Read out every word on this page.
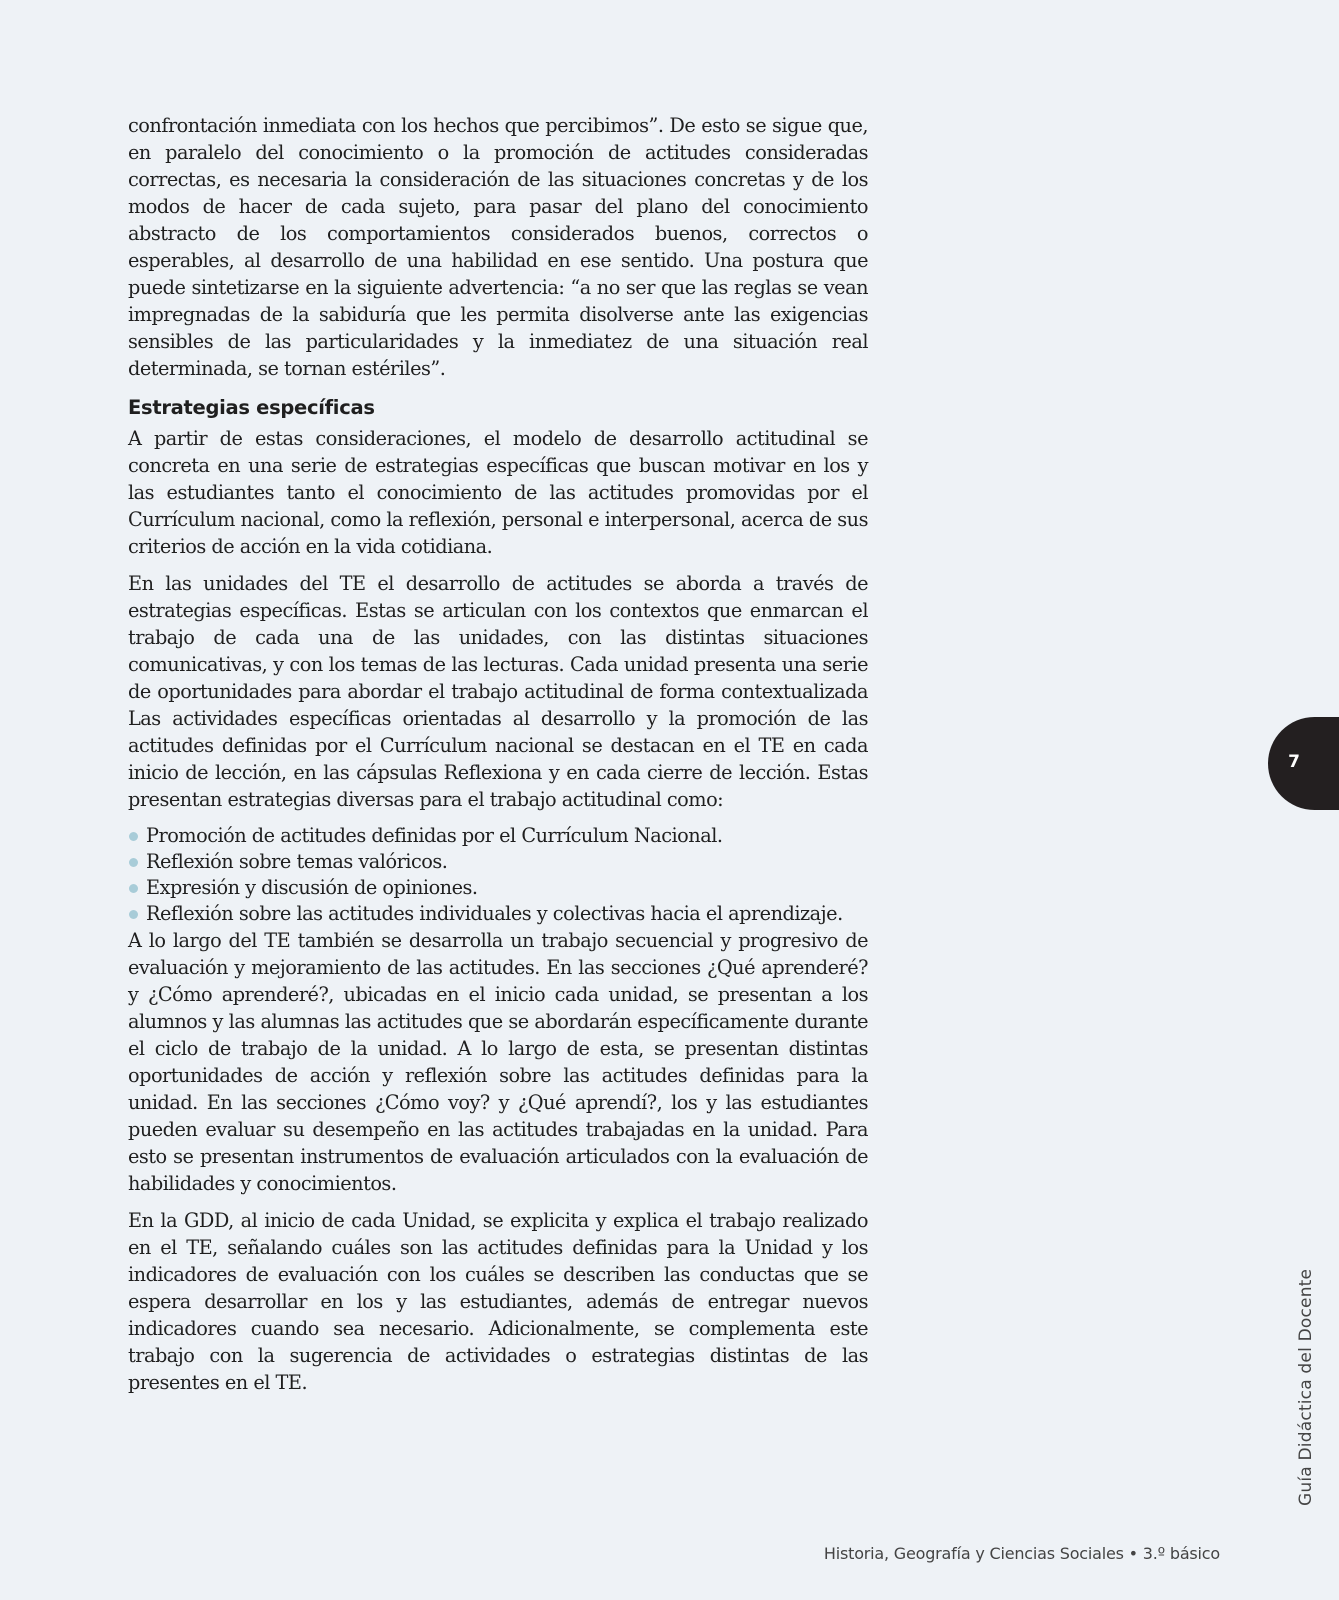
confrontación inmediata con los hechos que percibimos”. De esto se sigue que, en paralelo del conocimiento o la promoción de actitudes consideradas correctas, es necesaria la consideración de las situaciones concretas y de los modos de hacer de cada sujeto, para pasar del plano del conocimiento abstracto de los comportamientos considerados buenos, correctos o esperables, al desarrollo de una habilidad en ese sentido. Una postura que puede sintetizarse en la siguiente advertencia: “a no ser que las reglas se vean impregnadas de la sabiduría que les permita disolverse ante las exigencias sensibles de las particularidades y la inmediatez de una situación real determinada, se tornan estériles”.

Estrategias específicas

A partir de estas consideraciones, el modelo de desarrollo actitudinal se concreta en una serie de estrategias específicas que buscan motivar en los y las estudiantes tanto el conocimiento de las actitudes promovidas por el Currículum nacional, como la reflexión, personal e interpersonal, acerca de sus criterios de acción en la vida cotidiana.

En las unidades del TE el desarrollo de actitudes se aborda a través de estrategias específicas. Estas se articulan con los contextos que enmarcan el trabajo de cada una de las unidades, con las distintas situaciones comunicativas, y con los temas de las lecturas. Cada unidad presenta una serie de oportunidades para abordar el trabajo actitudinal de forma contextualizada Las actividades específicas orientadas al desarrollo y la promoción de las actitudes definidas por el Currículum nacional se destacan en el TE en cada inicio de lección, en las cápsulas Reflexiona y en cada cierre de lección. Estas presentan estrategias diversas para el trabajo actitudinal como:

Promoción de actitudes definidas por el Currículum Nacional.
Reflexión sobre temas valóricos.
Expresión y discusión de opiniones.
Reflexión sobre las actitudes individuales y colectivas hacia el aprendizaje.

A lo largo del TE también se desarrolla un trabajo secuencial y progresivo de evaluación y mejoramiento de las actitudes. En las secciones ¿Qué aprenderé? y ¿Cómo aprenderé?, ubicadas en el inicio cada unidad, se presentan a los alumnos y las alumnas las actitudes que se abordarán específicamente durante el ciclo de trabajo de la unidad. A lo largo de esta, se presentan distintas oportunidades de acción y reflexión sobre las actitudes definidas para la unidad. En las secciones ¿Cómo voy? y ¿Qué aprendí?, los y las estudiantes pueden evaluar su desempeño en las actitudes trabajadas en la unidad. Para esto se presentan instrumentos de evaluación articulados con la evaluación de habilidades y conocimientos.

En la GDD, al inicio de cada Unidad, se explicita y explica el trabajo realizado en el TE, señalando cuáles son las actitudes definidas para la Unidad y los indicadores de evaluación con los cuáles se describen las conductas que se espera desarrollar en los y las estudiantes, además de entregar nuevos indicadores cuando sea necesario. Adicionalmente, se complementa este trabajo con la sugerencia de actividades o estrategias distintas de las presentes en el TE.

7
Guía Didáctica del Docente
Historia, Geografía y Ciencias Sociales • 3.º básico
